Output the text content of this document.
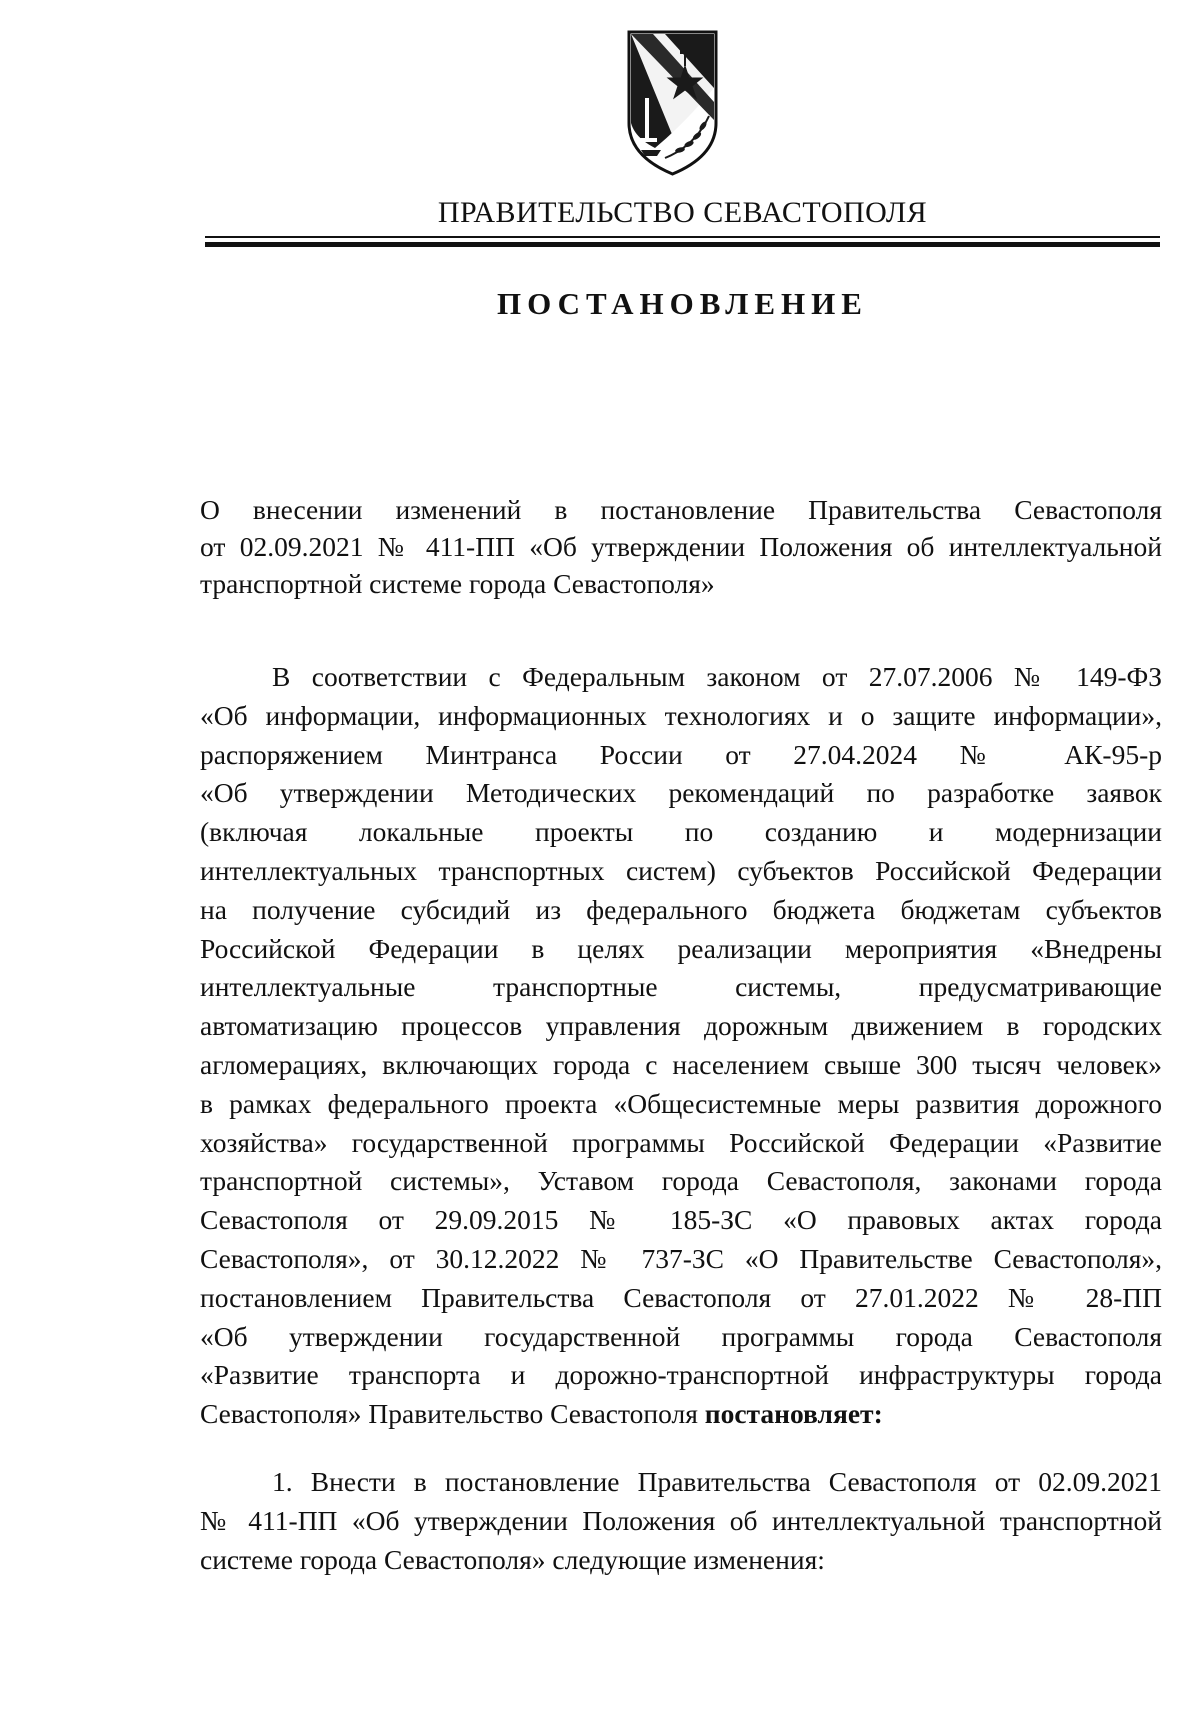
ПРАВИТЕЛЬСТВО СЕВАСТОПОЛЯ
ПОСТАНОВЛЕНИЕ

О внесении изменений в постановление Правительства Севастополя

от 02.09.2021 № 411-ПП «Об утверждении Положения об интеллектуальной

транспортной системе города Севастополя»

В соответствии с Федеральным законом от 27.07.2006 № 149-ФЗ

«Об информации, информационных технологиях и о защите информации»,

распоряжением Минтранса России от 27.04.2024 № АК-95-р

«Об утверждении Методических рекомендаций по разработке заявок

(включая локальные проекты по созданию и модернизации

интеллектуальных транспортных систем) субъектов Российской Федерации

на получение субсидий из федерального бюджета бюджетам субъектов

Российской Федерации в целях реализации мероприятия «Внедрены

интеллектуальные транспортные системы, предусматривающие

автоматизацию процессов управления дорожным движением в городских

агломерациях, включающих города с населением свыше 300 тысяч человек»

в рамках федерального проекта «Общесистемные меры развития дорожного

хозяйства» государственной программы Российской Федерации «Развитие

транспортной системы», Уставом города Севастополя, законами города

Севастополя от 29.09.2015 № 185-ЗС «О правовых актах города

Севастополя», от 30.12.2022 № 737-ЗС «О Правительстве Севастополя»,

постановлением Правительства Севастополя от 27.01.2022 № 28-ПП

«Об утверждении государственной программы города Севастополя

«Развитие транспорта и дорожно-транспортной инфраструктуры города

Севастополя» Правительство Севастополя постановляет:

1. Внести в постановление Правительства Севастополя от 02.09.2021

№ 411-ПП «Об утверждении Положения об интеллектуальной транспортной

системе города Севастополя» следующие изменения:
